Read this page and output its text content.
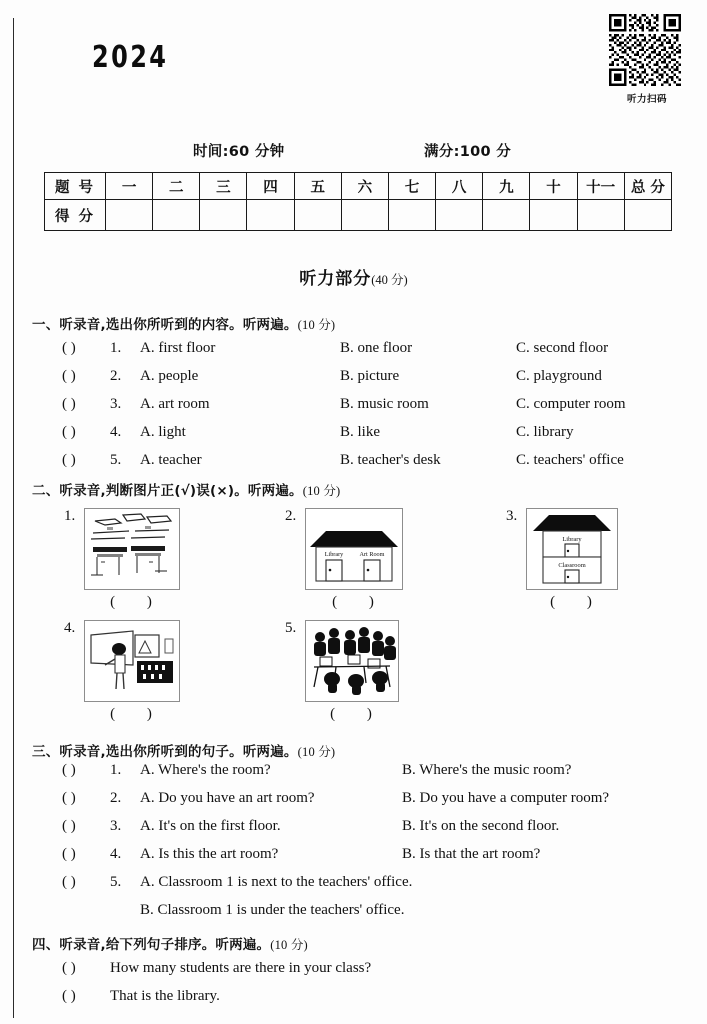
2024
听力扫码
时间:60 分钟	满分:100 分
题 号	一	二	三	四	五	六	七	八	九	十	十一	总 分
得 分												
听力部分(40 分)
一、听录音,选出你所听到的内容。听两遍。(10 分)
( ) 1. A. first floor	B. one floor	C. second floor
( ) 2. A. people	B. picture	C. playground
( ) 3. A. art room	B. music room	C. computer room
( ) 4. A. light	B. like	C. library
( ) 5. A. teacher	B. teacher's desk	C. teachers' office
二、听录音,判断图片正(√)误(×)。听两遍。(10 分)
1.
( )
2.
Library	Art Room
( )
3.
Library
Classroom
( )
4.
( )
5.
( )
三、听录音,选出你所听到的句子。听两遍。(10 分)
( ) 1. A. Where's the room?	B. Where's the music room?
( ) 2. A. Do you have an art room?	B. Do you have a computer room?
( ) 3. A. It's on the first floor.	B. It's on the second floor.
( ) 4. A. Is this the art room?	B. Is that the art room?
( ) 5. A. Classroom 1 is next to the teachers' office.
B. Classroom 1 is under the teachers' office.
四、听录音,给下列句子排序。听两遍。(10 分)
( ) How many students are there in your class?
( ) That is the library.
